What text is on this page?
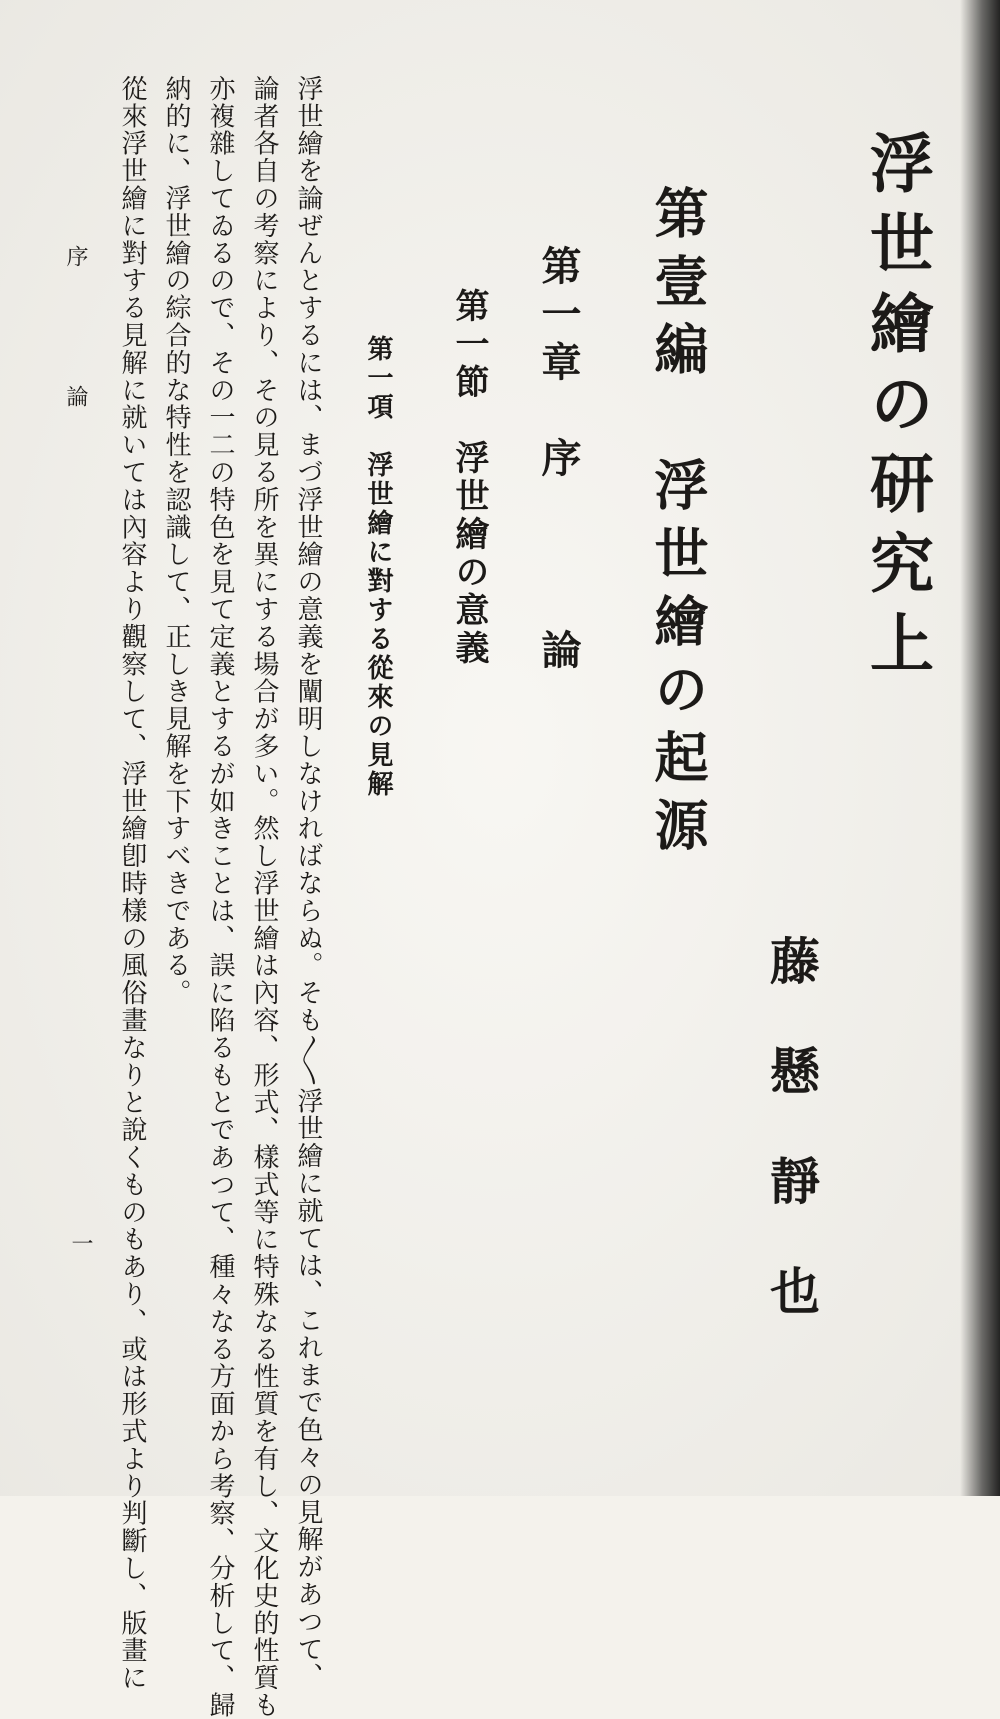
浮世繪の研究上
藤懸靜也
第壹編　浮世繪の起源
第一章　序　　　論
第一節　浮世繪の意義
第一項　浮世繪に對する從來の見解

浮世繪を論ぜんとするには、まづ浮世繪の意義を闡明しなければならぬ。そも〳〵浮世繪に就ては、これまで色々の見解があつて、

論者各自の考察により、その見る所を異にする場合が多い。然し浮世繪は內容、形式、樣式等に特殊なる性質を有し、文化史的性質も

亦複雜してゐるので、その一二の特色を見て定義とするが如きことは、誤に陷るもとであつて、種々なる方面から考察、分析して、歸

納的に、浮世繪の綜合的な特性を認識して、正しき見解を下すべきである。

從來浮世繪に對する見解に就いては內容より觀察して、浮世繪卽時樣の風俗畫なりと說くものもあり、或は形式より判斷し、版畫に

序論
一
